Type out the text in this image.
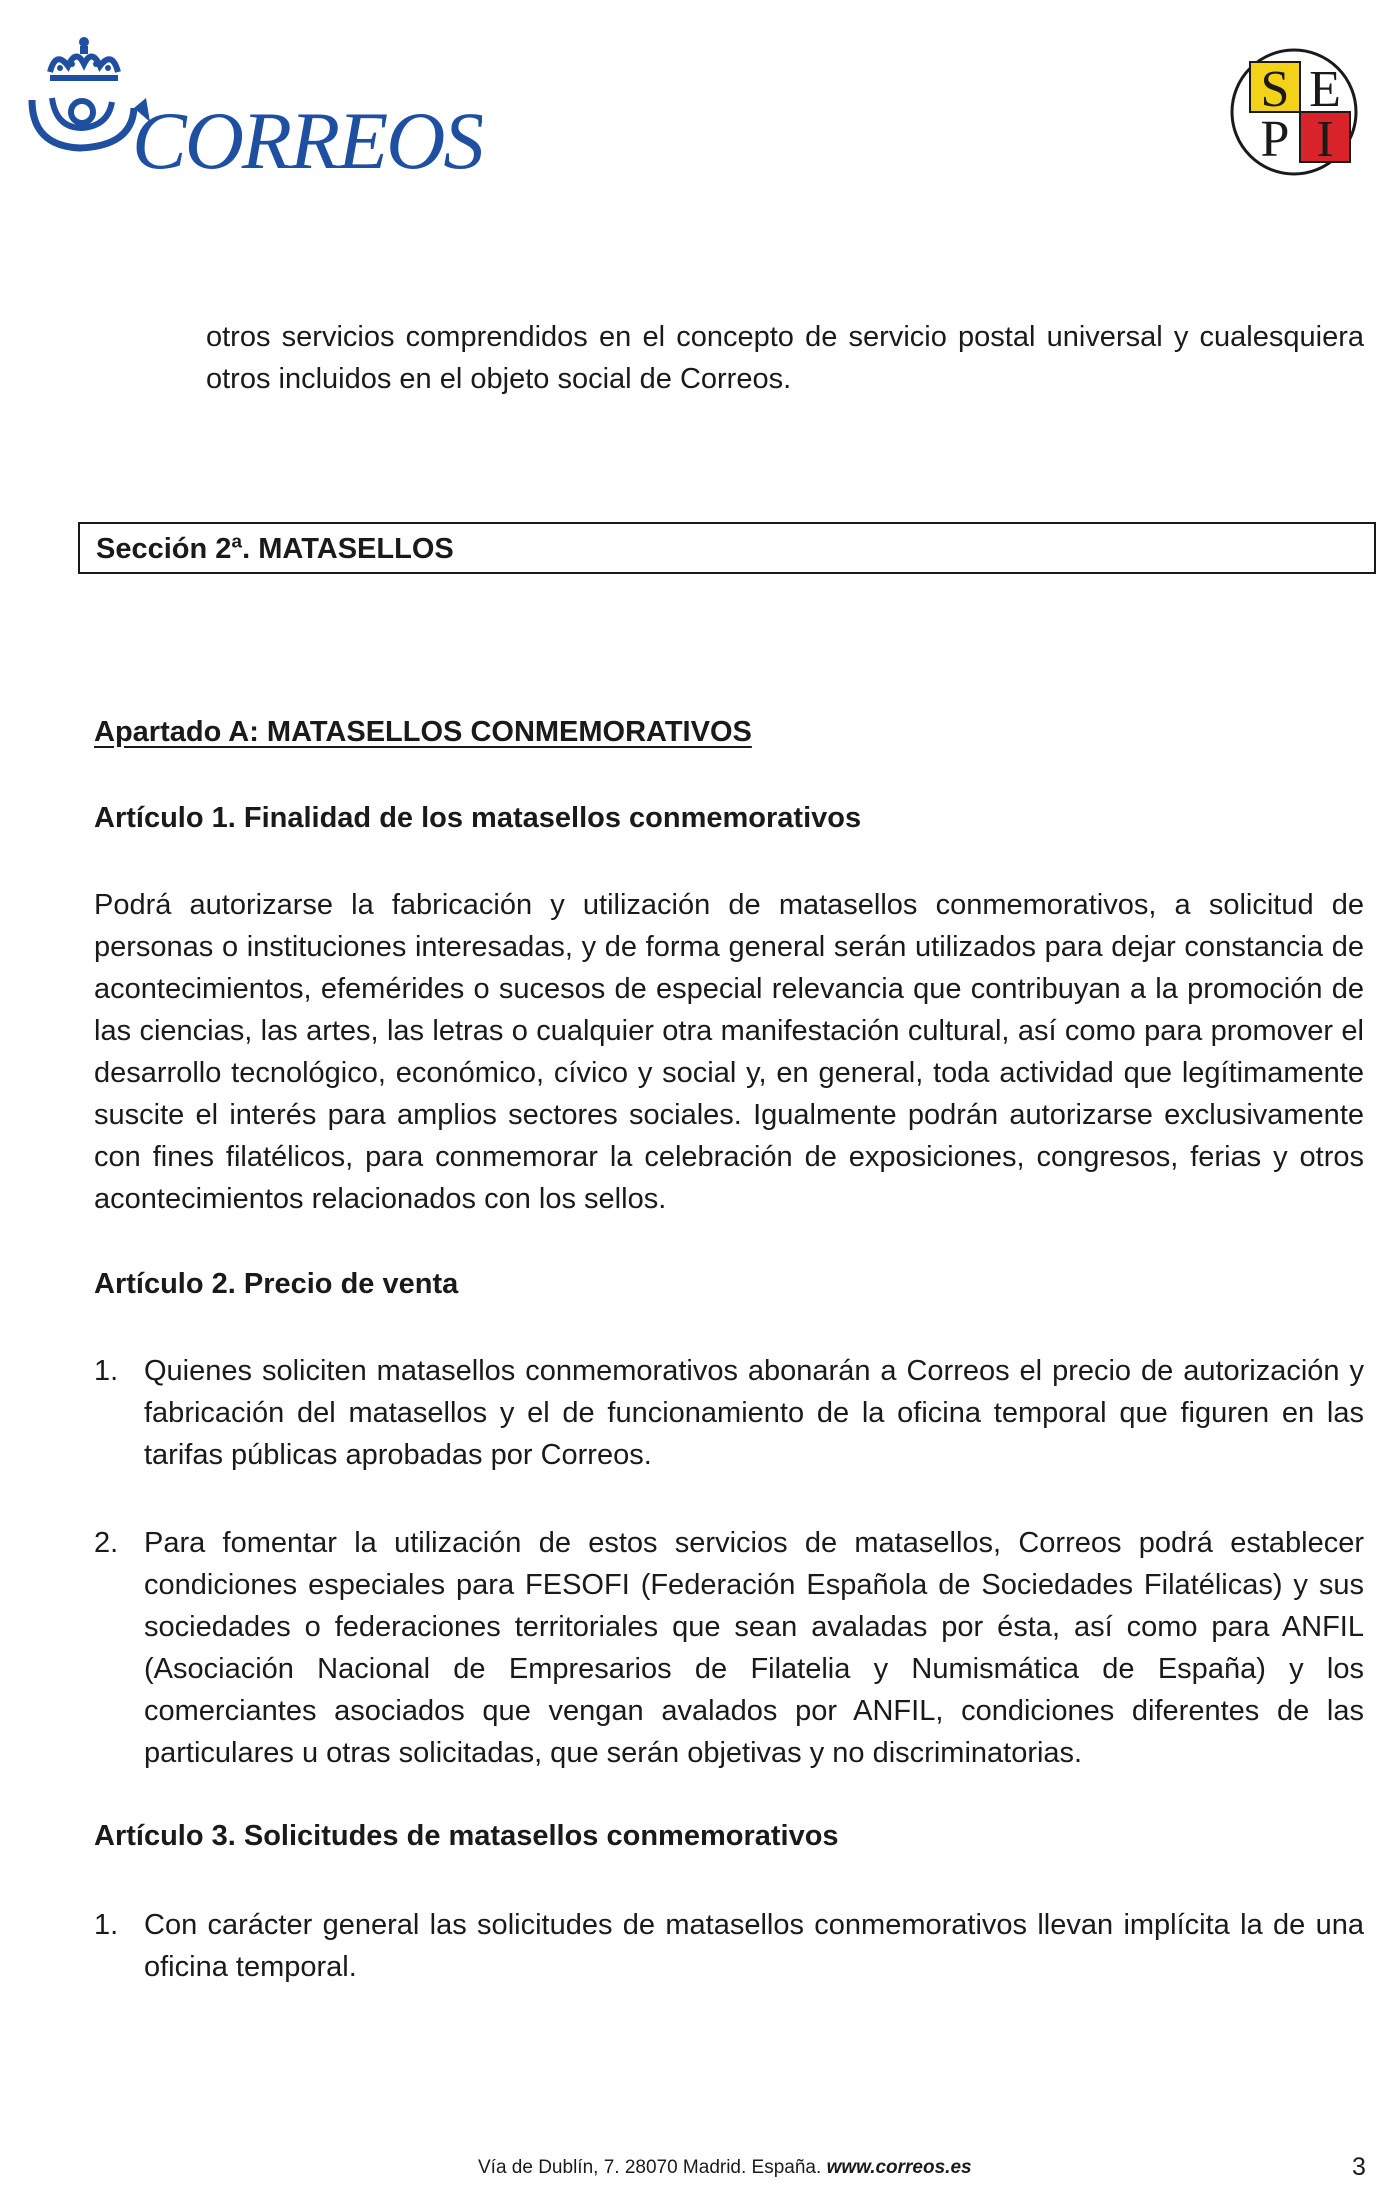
CORREOS
S E
P I

otros servicios comprendidos en el concepto de servicio postal universal y cualesquiera otros incluidos en el objeto social de Correos.

Sección 2ª. MATASELLOS
Apartado A: MATASELLOS CONMEMORATIVOS
Artículo 1. Finalidad de los matasellos conmemorativos

Podrá autorizarse la fabricación y utilización de matasellos conmemorativos, a solicitud de personas o instituciones interesadas, y de forma general serán utilizados para dejar constancia de acontecimientos, efemérides o sucesos de especial relevancia que contribuyan a la promoción de las ciencias, las artes, las letras o cualquier otra manifestación cultural, así como para promover el desarrollo tecnológico, económico, cívico y social y, en general, toda actividad que legítimamente suscite el interés para amplios sectores sociales. Igualmente podrán autorizarse exclusivamente con fines filatélicos, para conmemorar la celebración de exposiciones, congresos, ferias y otros acontecimientos relacionados con los sellos.

Artículo 2. Precio de venta
1. Quienes soliciten matasellos conmemorativos abonarán a Correos el precio de autorización y fabricación del matasellos y el de funcionamiento de la oficina temporal que figuren en las tarifas públicas aprobadas por Correos.

2. Para fomentar la utilización de estos servicios de matasellos, Correos podrá establecer condiciones especiales para FESOFI (Federación Española de Sociedades Filatélicas) y sus sociedades o federaciones territoriales que sean avaladas por ésta, así como para ANFIL (Asociación Nacional de Empresarios de Filatelia y Numismática de España) y los comerciantes asociados que vengan avalados por ANFIL, condiciones diferentes de las particulares u otras solicitadas, que serán objetivas y no discriminatorias.

Artículo 3. Solicitudes de matasellos conmemorativos
1. Con carácter general las solicitudes de matasellos conmemorativos llevan implícita la de una oficina temporal.

Vía de Dublín, 7. 28070 Madrid. España. www.correos.es	3
